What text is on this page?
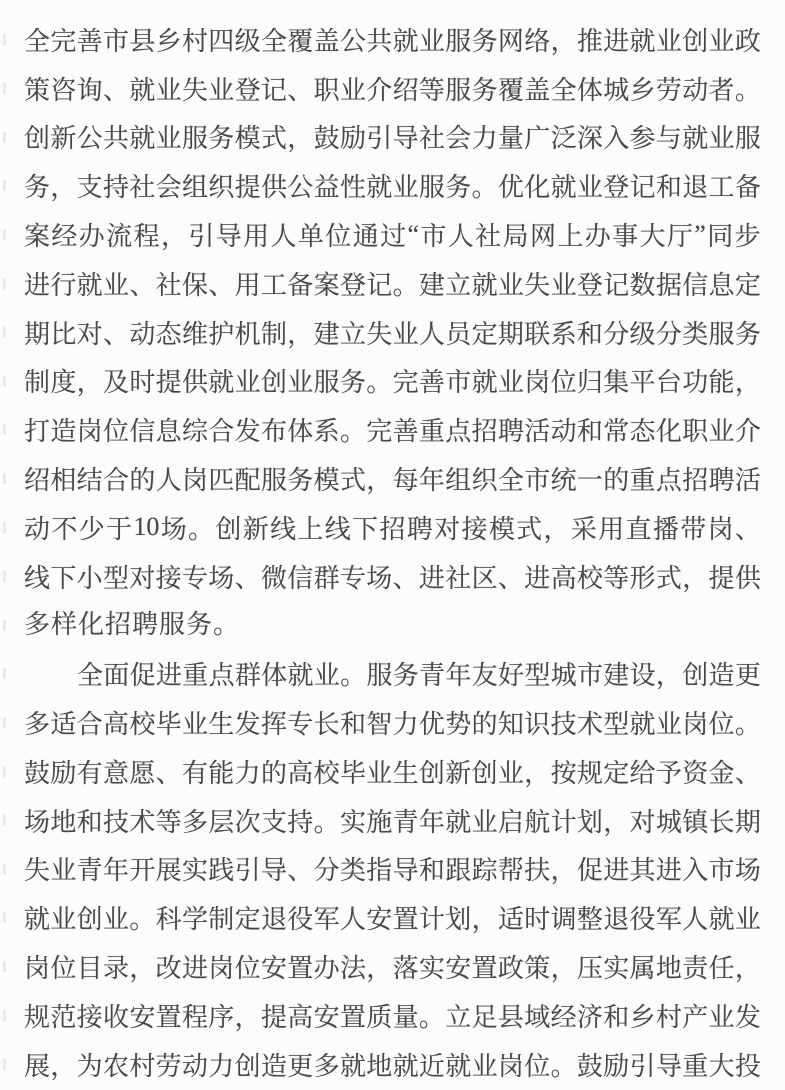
全 完 善 市 县 乡 村 四 级 全 覆 盖 公 共 就 业 服 务 网 络 ， 推 进 就 业 创 业 政
策 咨 询 、 就 业 失 业 登 记 、 职 业 介 绍 等 服 务 覆 盖 全 体 城 乡 劳 动 者 。
创 新 公 共 就 业 服 务 模 式 ， 鼓 励 引 导 社 会 力 量 广 泛 深 入 参 与 就 业 服
务 ， 支 持 社 会 组 织 提 供 公 益 性 就 业 服 务 。 优 化 就 业 登 记 和 退 工 备
案 经 办 流 程 ， 引 导 用 人 单 位 通 过 “ 市 人 社 局 网 上 办 事 大 厅 ” 同 步
进 行 就 业 、 社 保 、 用 工 备 案 登 记 。 建 立 就 业 失 业 登 记 数 据 信 息 定
期 比 对 、 动 态 维 护 机 制 ， 建 立 失 业 人 员 定 期 联 系 和 分 级 分 类 服 务
制 度 ， 及 时 提 供 就 业 创 业 服 务 。 完 善 市 就 业 岗 位 归 集 平 台 功 能 ，
打 造 岗 位 信 息 综 合 发 布 体 系 。 完 善 重 点 招 聘 活 动 和 常 态 化 职 业 介
绍 相 结 合 的 人 岗 匹 配 服 务 模 式 ， 每 年 组 织 全 市 统 一 的 重 点 招 聘 活
动 不 少 于 10 场 。 创 新 线 上 线 下 招 聘 对 接 模 式 ， 采 用 直 播 带 岗 、
线 下 小 型 对 接 专 场 、 微 信 群 专 场 、 进 社 区 、 进 高 校 等 形 式 ， 提 供
多样化招聘服务。
全 面 促 进 重 点 群 体 就 业 。 服 务 青 年 友 好 型 城 市 建 设 ， 创 造 更
多 适 合 高 校 毕 业 生 发 挥 专 长 和 智 力 优 势 的 知 识 技 术 型 就 业 岗 位 。
鼓 励 有 意 愿 、 有 能 力 的 高 校 毕 业 生 创 新 创 业 ， 按 规 定 给 予 资 金 、
场 地 和 技 术 等 多 层 次 支 持 。 实 施 青 年 就 业 启 航 计 划 ， 对 城 镇 长 期
失 业 青 年 开 展 实 践 引 导 、 分 类 指 导 和 跟 踪 帮 扶 ， 促 进 其 进 入 市 场
就 业 创 业 。 科 学 制 定 退 役 军 人 安 置 计 划 ， 适 时 调 整 退 役 军 人 就 业
岗 位 目 录 ， 改 进 岗 位 安 置 办 法 ， 落 实 安 置 政 策 ， 压 实 属 地 责 任 ，
规 范 接 收 安 置 程 序 ， 提 高 安 置 质 量 。 立 足 县 域 经 济 和 乡 村 产 业 发
展 ， 为 农 村 劳 动 力 创 造 更 多 就 地 就 近 就 业 岗 位 。 鼓 励 引 导 重 大 投
